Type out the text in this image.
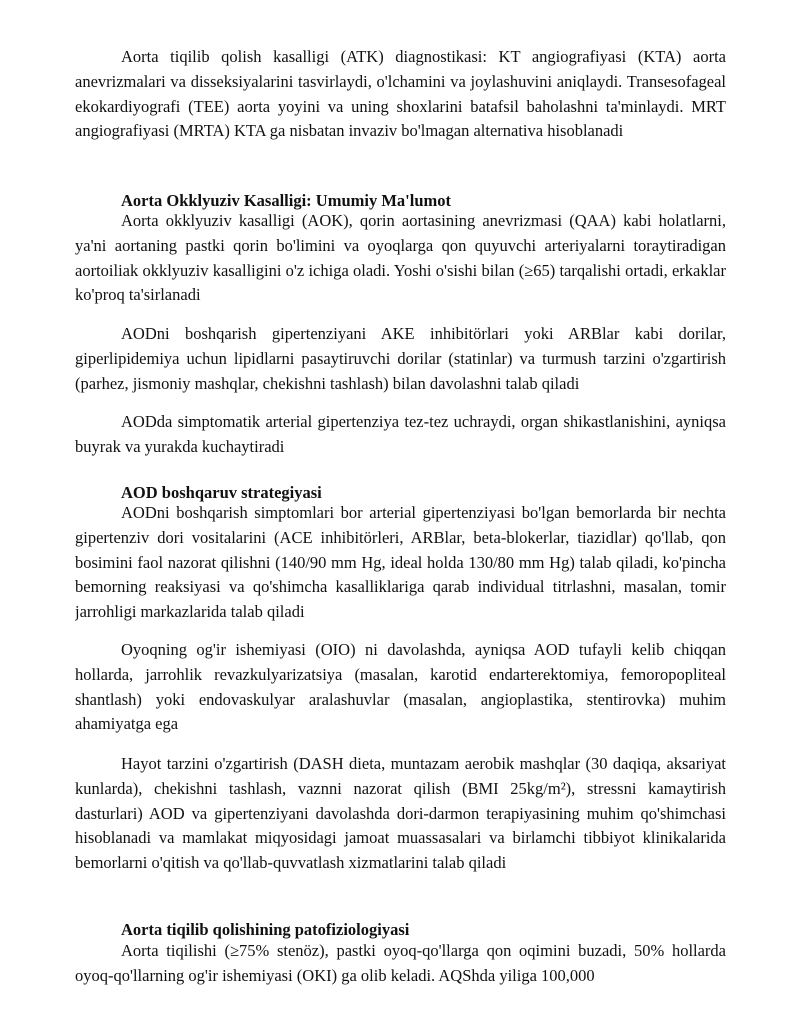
Aorta tiqilib qolish kasalligi (ATK) diagnostikasi: KT angiografiyasi (KTA) aorta anevrizmalari va disseksiyalarini tasvirlaydi, o'lchamini va joylashuvini aniqlaydi. Transesofageal ekokardiyografi (TEE) aorta yoyini va uning shoxlarini batafsil baholashni ta'minlaydi. MRT angiografiyasi (MRTA) KTA ga nisbatan invaziv bo'lmagan alternativa hisoblanadi

Aorta Okklyuziv Kasalligi: Umumiy Ma'lumot

Aorta okklyuziv kasalligi (AOK), qorin aortasining anevrizmasi (QAA) kabi holatlarni, ya'ni aortaning pastki qorin bo'limini va oyoqlarga qon quyuvchi arteriyalarni toraytiradigan aortoiliak okklyuziv kasalligini o'z ichiga oladi. Yoshi o'sishi bilan (≥65) tarqalishi ortadi, erkaklar ko'proq ta'sirlanadi

AODni boshqarish gipertenziyani AKE inhibitörlari yoki ARBlar kabi dorilar, giperlipidemiya uchun lipidlarni pasaytiruvchi dorilar (statinlar) va turmush tarzini o'zgartirish (parhez, jismoniy mashqlar, chekishni tashlash) bilan davolashni talab qiladi

AODda simptomatik arterial gipertenziya tez-tez uchraydi, organ shikastlanishini, ayniqsa buyrak va yurakda kuchaytiradi

AOD boshqaruv strategiyasi

AODni boshqarish simptomlari bor arterial gipertenziyasi bo'lgan bemorlarda bir nechta gipertenziv dori vositalarini (ACE inhibitörleri, ARBlar, beta-blokerlar, tiazidlar) qo'llab, qon bosimini faol nazorat qilishni (140/90 mm Hg, ideal holda 130/80 mm Hg) talab qiladi, ko'pincha bemorning reaksiyasi va qo'shimcha kasalliklariga qarab individual titrlashni, masalan, tomir jarrohligi markazlarida talab qiladi

Oyoqning og'ir ishemiyasi (OIO) ni davolashda, ayniqsa AOD tufayli kelib chiqqan hollarda, jarrohlik revazkulyarizatsiya (masalan, karotid endarterektomiya, femoropopliteal shantlash) yoki endovaskulyar aralashuvlar (masalan, angioplastika, stentirovka) muhim ahamiyatga ega

Hayot tarzini o'zgartirish (DASH dieta, muntazam aerobik mashqlar (30 daqiqa, aksariyat kunlarda), chekishni tashlash, vaznni nazorat qilish (BMI 25kg/m²), stressni kamaytirish dasturlari) AOD va gipertenziyani davolashda dori-darmon terapiyasining muhim qo'shimchasi hisoblanadi va mamlakat miqyosidagi jamoat muassasalari va birlamchi tibbiyot klinikalarida bemorlarni o'qitish va qo'llab-quvvatlash xizmatlarini talab qiladi

Aorta tiqilib qolishining patofiziologiyasi

Aorta tiqilishi (≥75% stenöz), pastki oyoq-qo'llarga qon oqimini buzadi, 50% hollarda oyoq-qo'llarning og'ir ishemiyasi (OKI) ga olib keladi. AQShda yiliga 100,000
